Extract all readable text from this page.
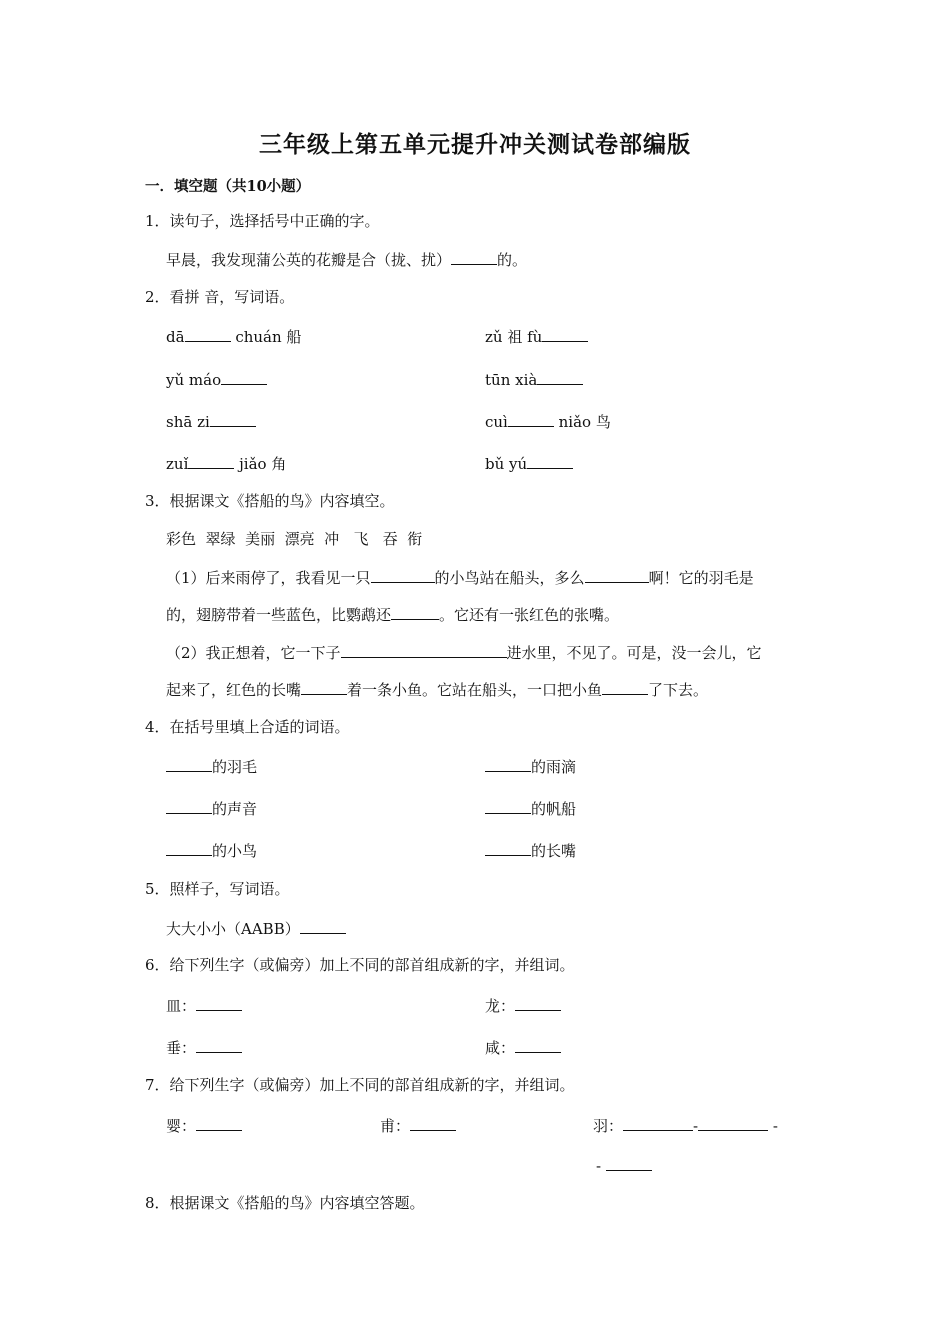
三年级上第五单元提升冲关测试卷部编版
一．填空题（共10小题）
1．读句子，选择括号中正确的字。
早晨，我发现蒲公英的花瓣是合（拢、扰）	的。
2．看拼 音，写词语。
dā	chuán 船	zǔ 祖 fù
yǔ máo	tūn xià
shā zi	cuì	niǎo 鸟
zuǐ	jiǎo 角	bǔ yú
3．根据课文《搭船的鸟》内容填空。
彩色  翠绿  美丽  漂亮  冲   飞   吞  衔
（1）后来雨停了，我看见一只	的小鸟站在船头，多么	啊！它的羽毛是
的，翅膀带着一些蓝色，比鹦鹉还	。它还有一张红色的张嘴。
（2）我正想着，它一下子	进水里，不见了。可是，没一会儿，它
起来了，红色的长嘴	着一条小鱼。它站在船头，一口把小鱼	了下去。
4．在括号里填上合适的词语。
的羽毛	的雨滴
的声音	的帆船
的小鸟	的长嘴
5．照样子，写词语。
大大小小（AABB）
6．给下列生字（或偏旁）加上不同的部首组成新的字，并组词。
皿：	龙：
垂：	咸：
7．给下列生字（或偏旁）加上不同的部首组成新的字，并组词。
婴：	甫：	羽：	-	-
-
8．根据课文《搭船的鸟》内容填空答题。
